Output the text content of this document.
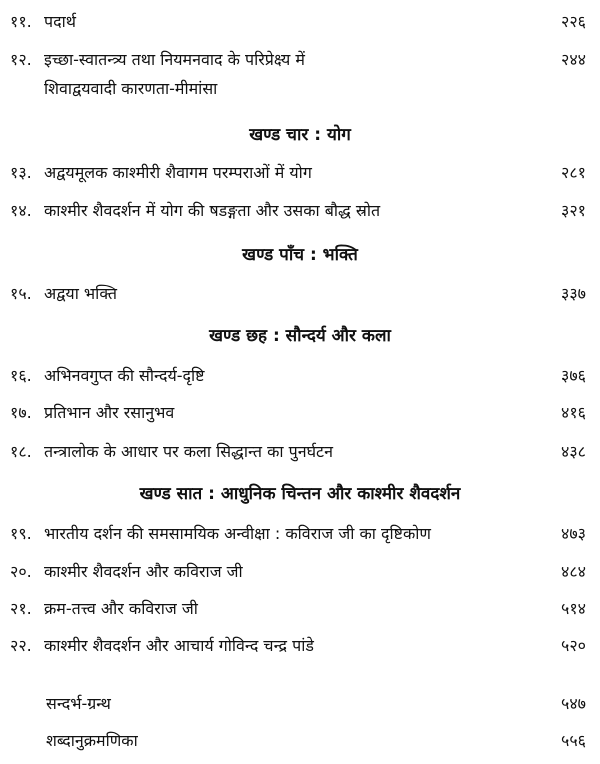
११. पदार्थ	२२६
१२. इच्छा-स्वातन्त्र्य तथा नियमनवाद के परिप्रेक्ष्य में	२४४
शिवाद्वयवादी कारणता-मीमांसा
खण्ड चार : योग
१३. अद्वयमूलक काश्मीरी शैवागम परम्पराओं में योग	२८१
१४. काश्मीर शैवदर्शन में योग की षडङ्गता और उसका बौद्ध स्रोत	३२१
खण्ड पाँच : भक्ति
१५. अद्वया भक्ति	३३७
खण्ड छह : सौन्दर्य और कला
१६. अभिनवगुप्त की सौन्दर्य-दृष्टि	३७६
१७. प्रतिभान और रसानुभव	४१६
१८. तन्त्रालोक के आधार पर कला सिद्धान्त का पुनर्घटन	४३८
खण्ड सात : आधुनिक चिन्तन और काश्मीर शैवदर्शन
१९. भारतीय दर्शन की समसामयिक अन्वीक्षा : कविराज जी का दृष्टिकोण	४७३
२०. काश्मीर शैवदर्शन और कविराज जी	४८४
२१. क्रम-तत्त्व और कविराज जी	५१४
२२. काश्मीर शैवदर्शन और आचार्य गोविन्द चन्द्र पांडे	५२०
सन्दर्भ-ग्रन्थ	५४७
शब्दानुक्रमणिका	५५६
